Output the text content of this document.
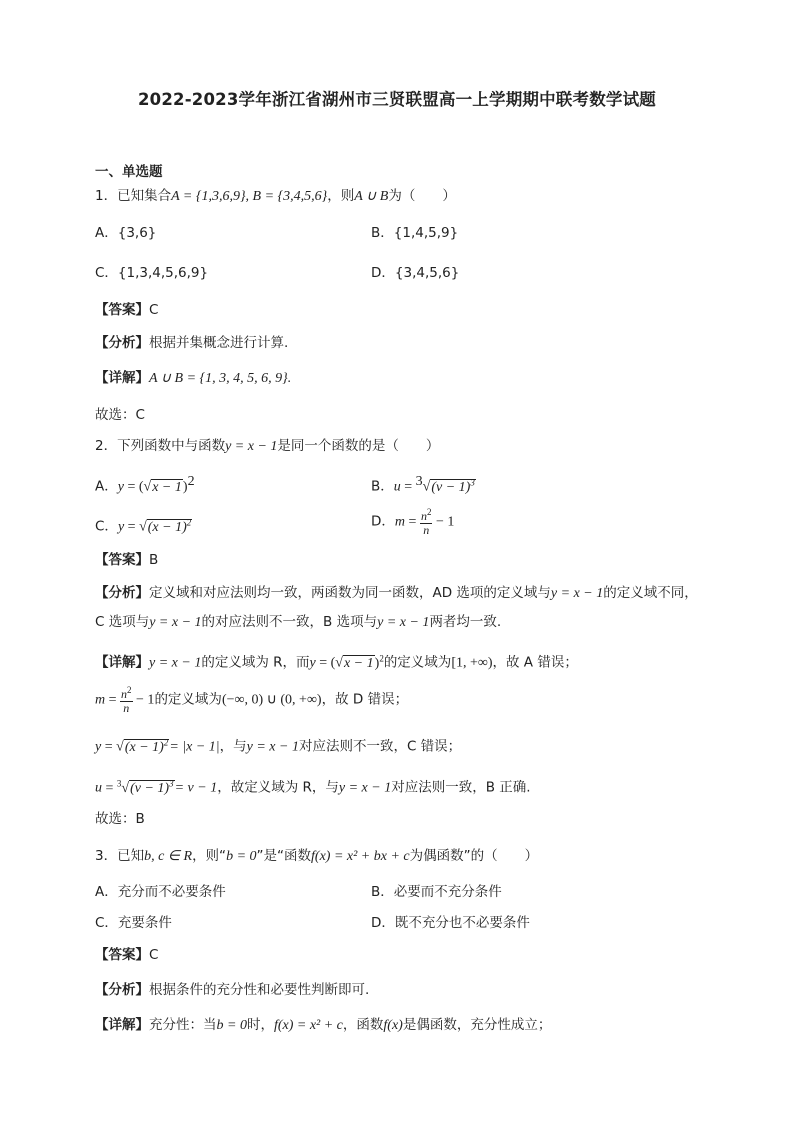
2022-2023学年浙江省湖州市三贤联盟高一上学期期中联考数学试题
一、单选题
1．已知集合A = {1,3,6,9}, B = {3,4,5,6}，则A ∪ B为（　　）
A．{3,6}	B．{1,4,5,9}
C．{1,3,4,5,6,9}	D．{3,4,5,6}
【答案】C
【分析】根据并集概念进行计算.
【详解】A ∪ B = {1, 3, 4, 5, 6, 9}.
故选：C
2．下列函数中与函数y = x − 1是同一个函数的是（　　）
A．$y = (√x - 1)^2$	B．$u = ^3√(v - 1)^3$
C．$y = √(x - 1)^2$	D．$m = \frac{n^2}{n} - 1$
【答案】B
【分析】定义域和对应法则均一致，两函数为同一函数，AD 选项的定义域与y = x − 1的定义域不同，
C 选项与y = x − 1的对应法则不一致，B 选项与y = x − 1两者均一致.
【详解】y = x − 1的定义域为 R，而$y = (√x - 1)^2$的定义域为[1, +∞)，故 A 错误；
$m = \frac{n^2}{n} - 1$的定义域为(−∞, 0) ∪ (0, +∞)，故 D 错误；
$y = √(x - 1)^2= |x - 1|$，与y = x − 1对应法则不一致，C 错误；
$u = ^3√(v - 1)^3= v - 1$，故定义域为 R，与y = x − 1对应法则一致，B 正确.
故选：B
3．已知b, c ∈ R，则“b = 0”是“函数f(x) = x² + bx + c为偶函数”的（　　）
A．充分而不必要条件	B．必要而不充分条件
C．充要条件	D．既不充分也不必要条件
【答案】C
【分析】根据条件的充分性和必要性判断即可.
【详解】充分性：当b = 0时，f(x) = x² + c，函数f(x)是偶函数，充分性成立；
